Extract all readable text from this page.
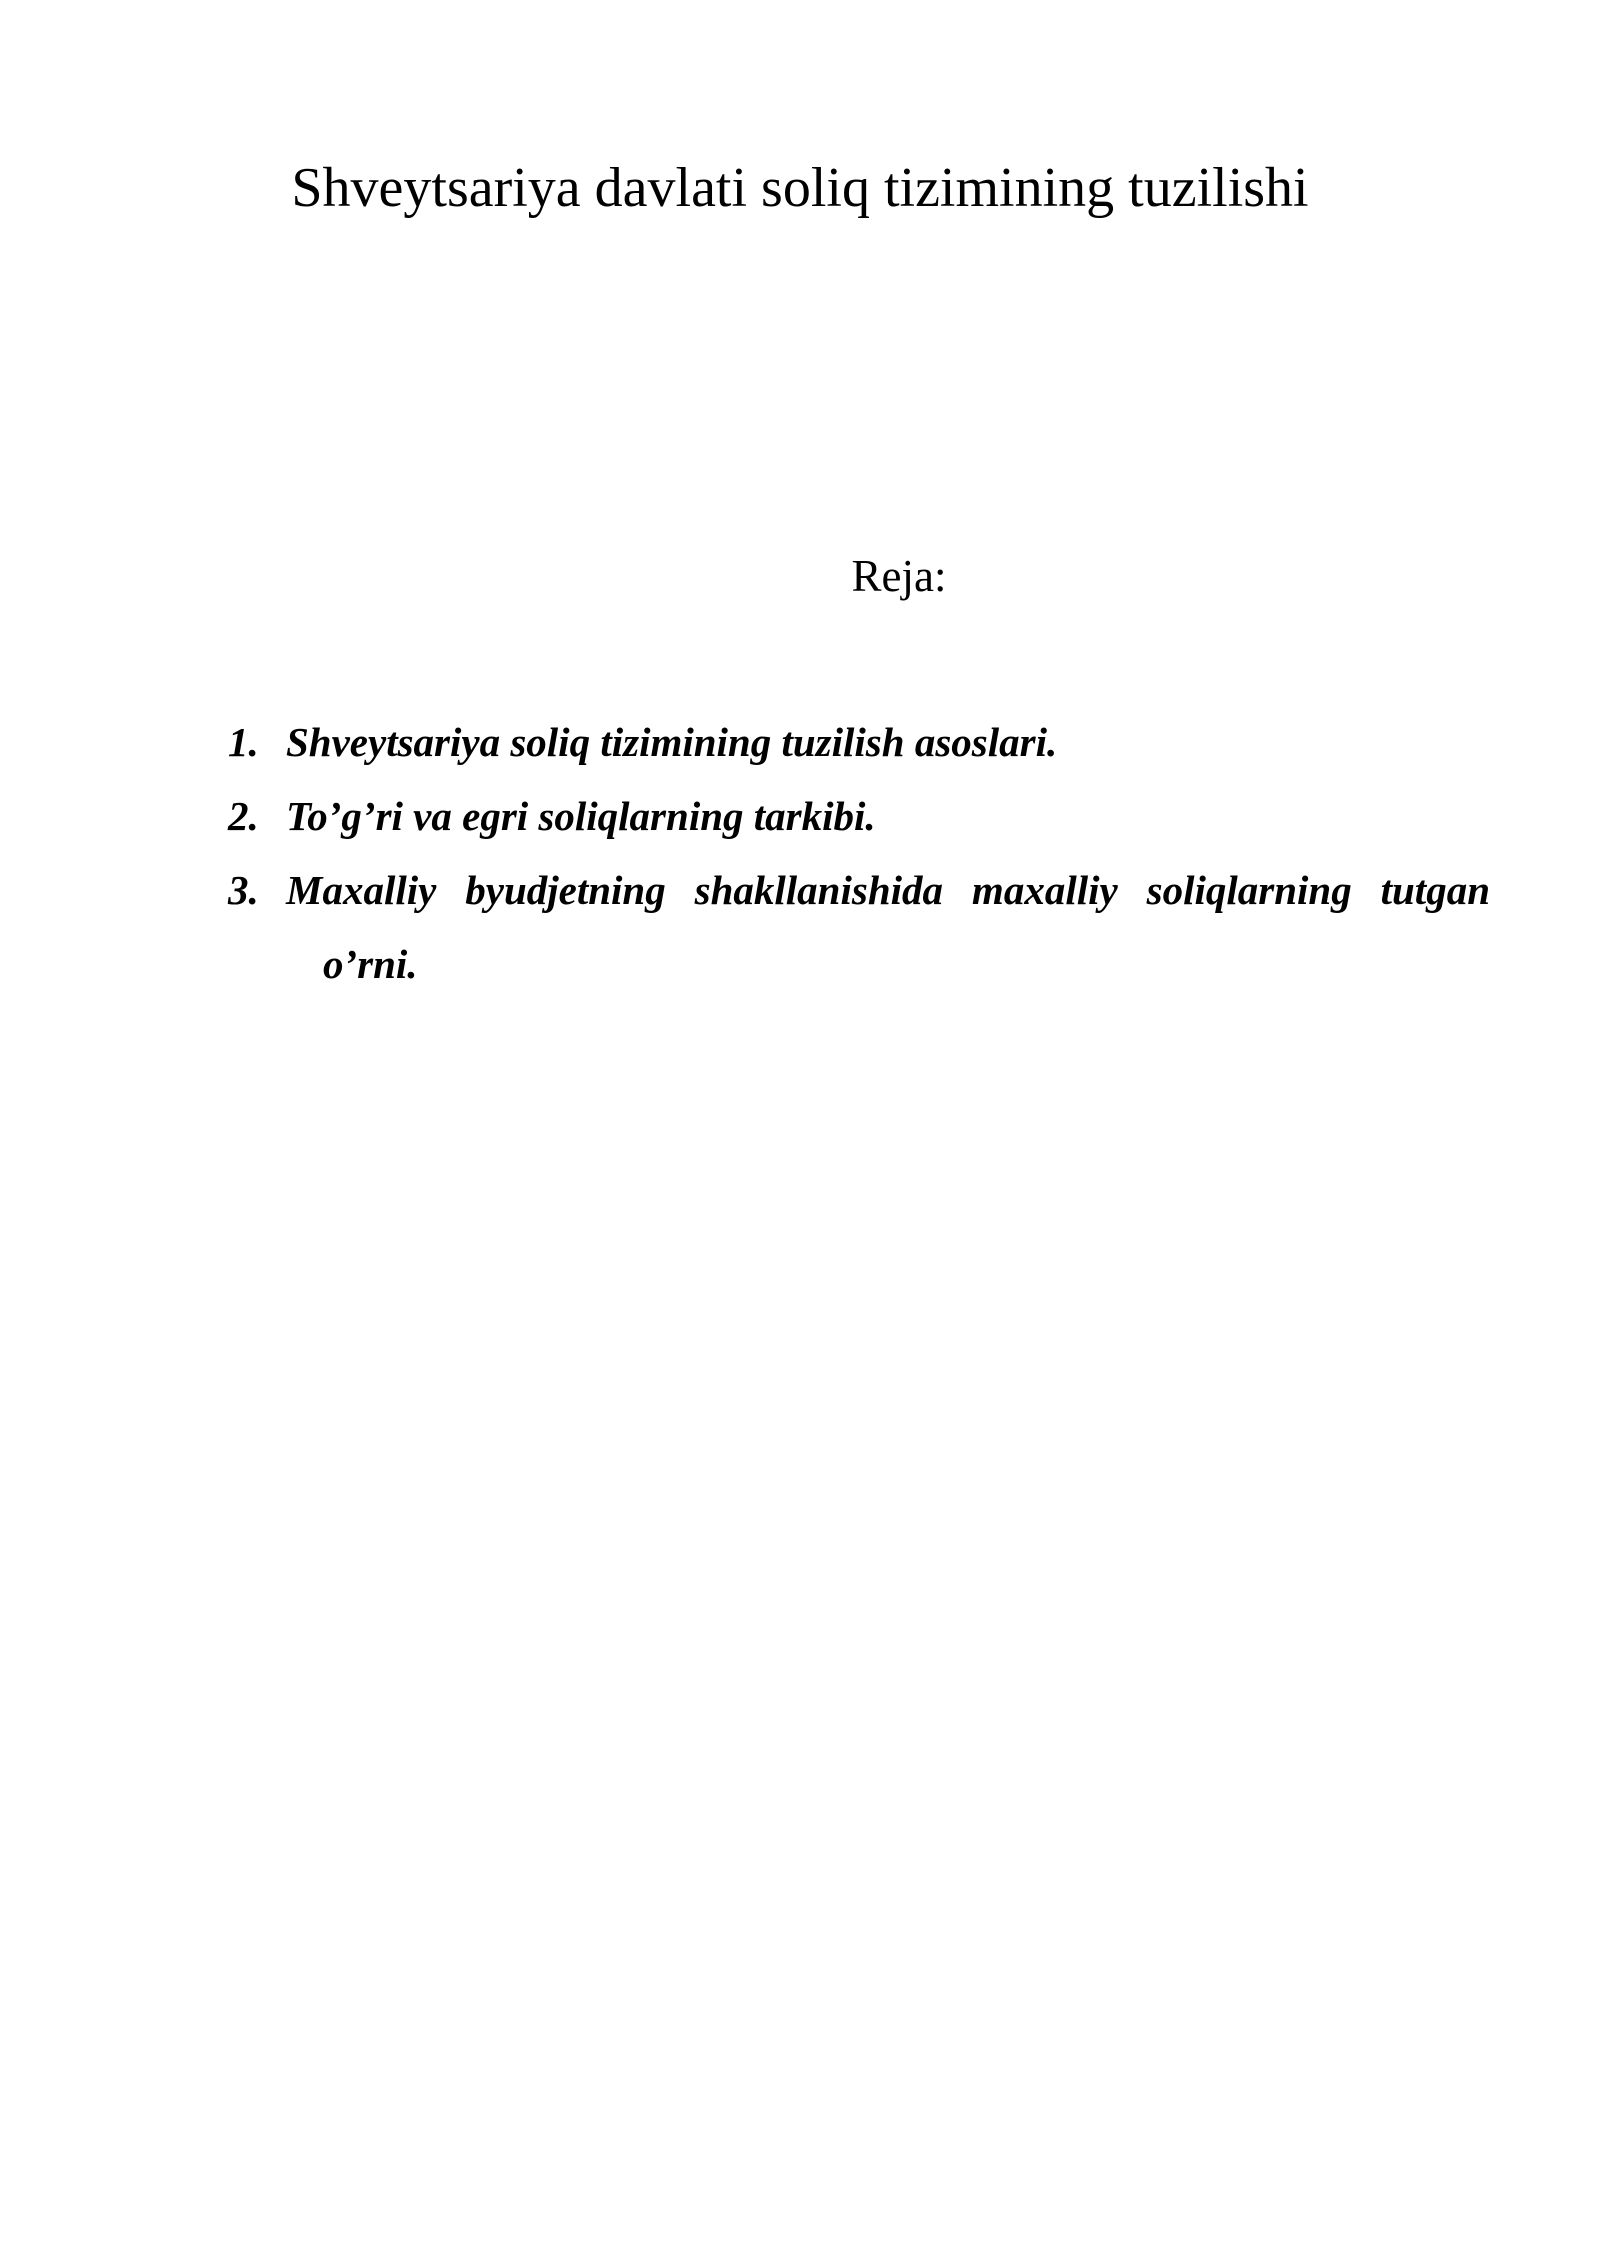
Shveytsariya davlati soliq tizimining tuzilishi
Reja:
1. Shveytsariya soliq tizimining tuzilish asoslari.
2. To’g’ri va egri soliqlarning tarkibi.
3. Maxalliy byudjetning shakllanishida maxalliy soliqlarning tutgan
o’rni.
